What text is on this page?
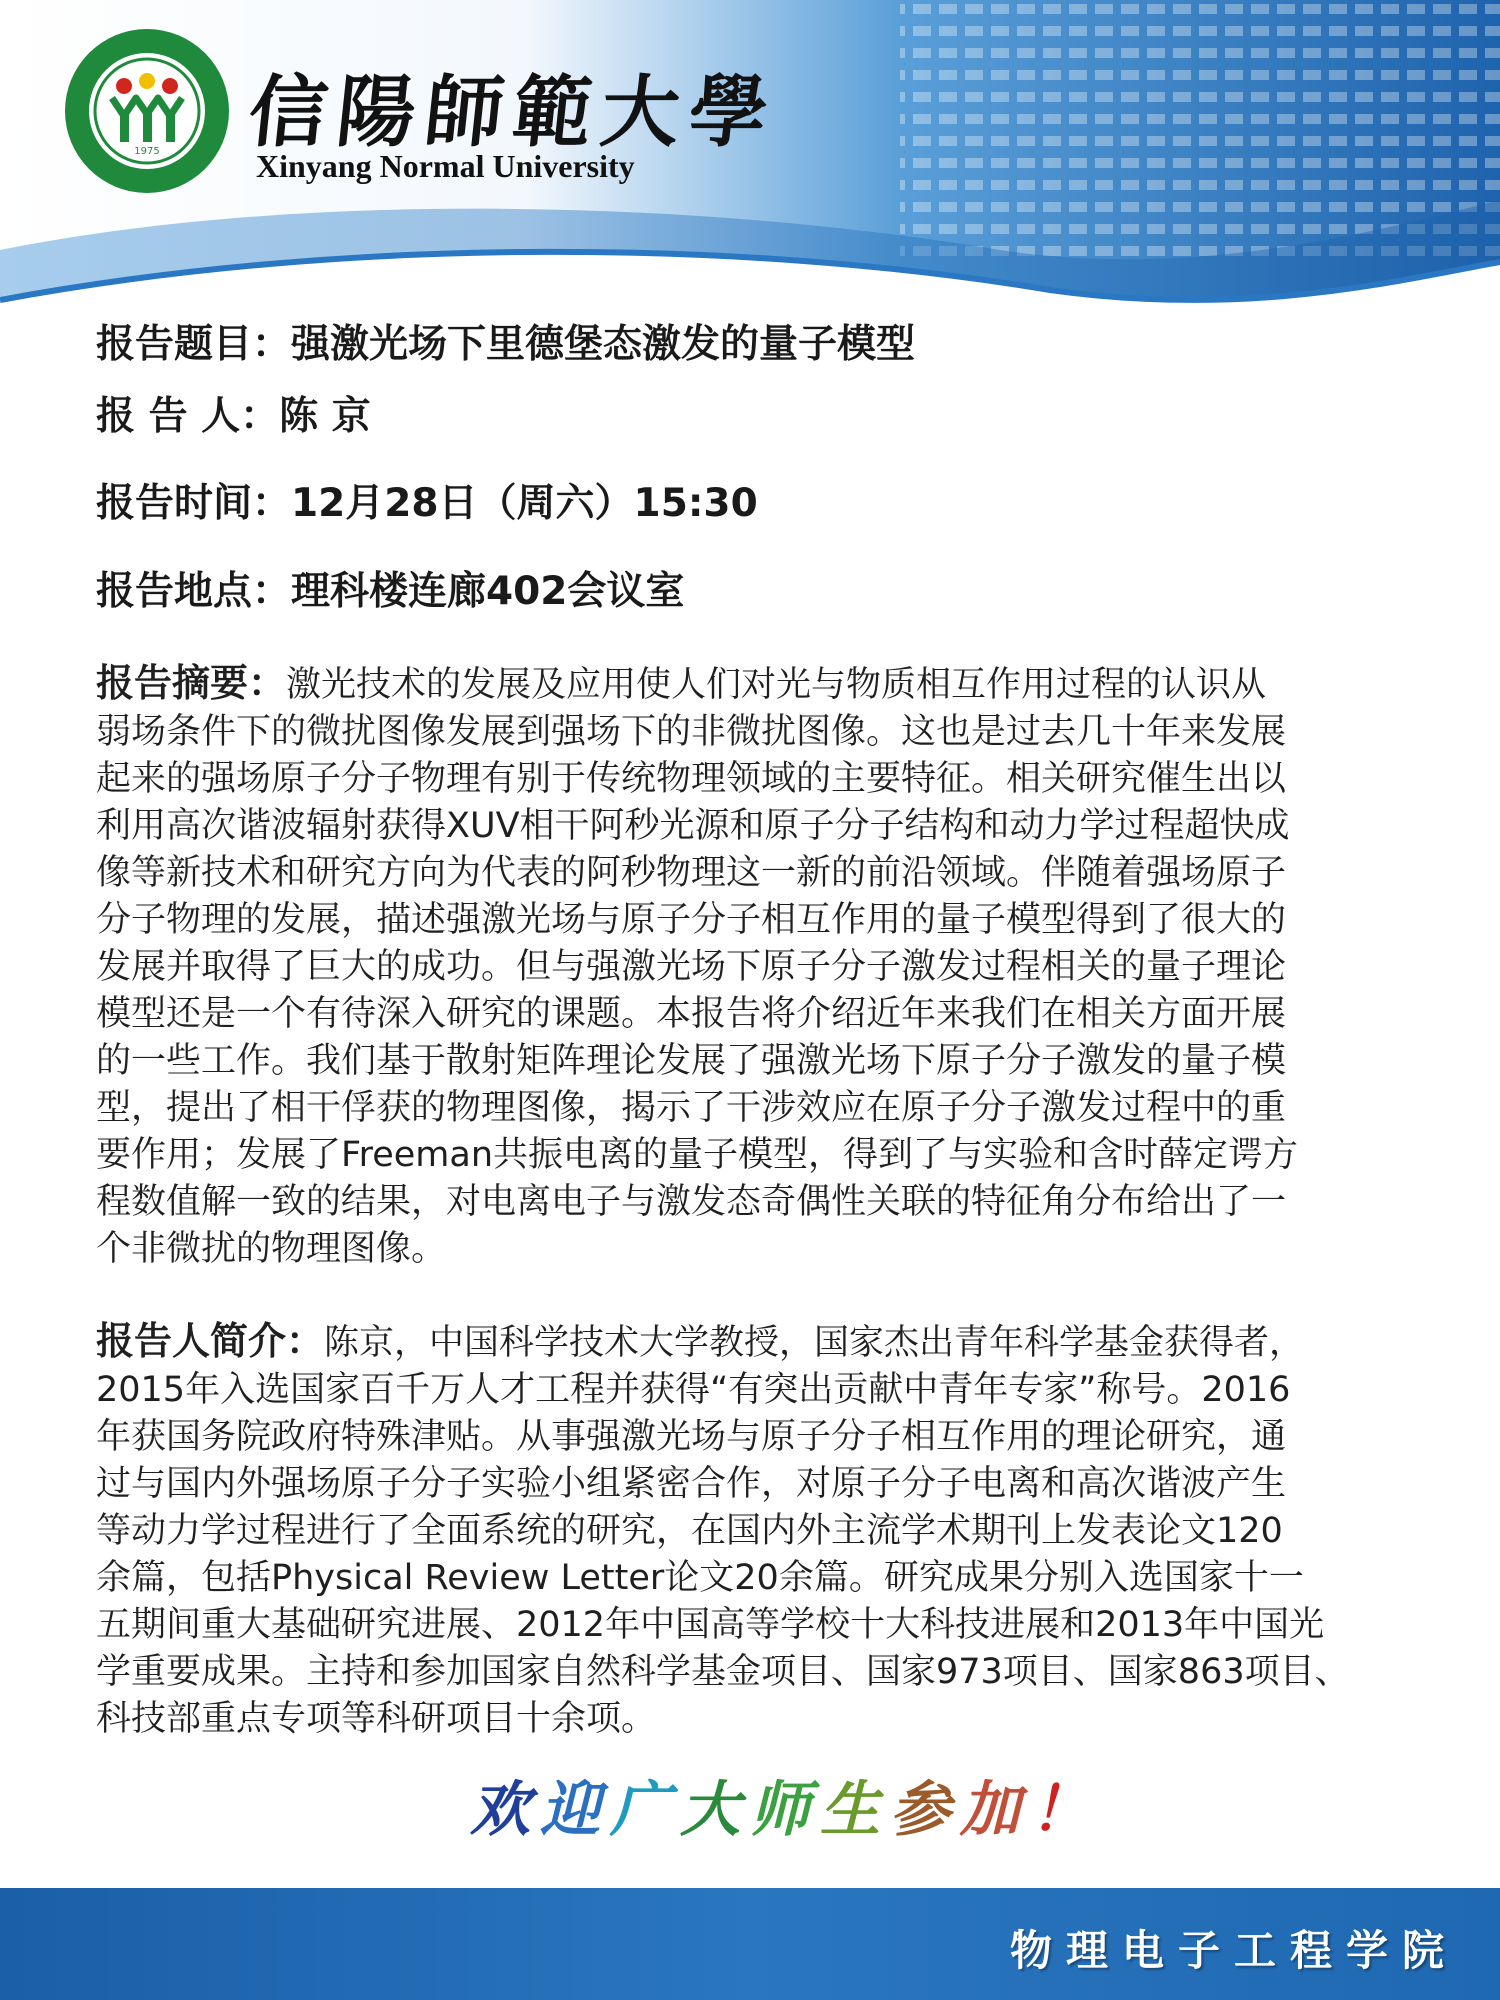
1975 信陽師範大學
Xinyang Normal University
报告题目：强激光场下里德堡态激发的量子模型
报 告 人：陈 京
报告时间：12月28日（周六）15:30
报告地点：理科楼连廊402会议室
报告摘要：激光技术的发展及应用使人们对光与物质相互作用过程的认识从
弱场条件下的微扰图像发展到强场下的非微扰图像。这也是过去几十年来发展
起来的强场原子分子物理有别于传统物理领域的主要特征。相关研究催生出以
利用高次谐波辐射获得XUV相干阿秒光源和原子分子结构和动力学过程超快成
像等新技术和研究方向为代表的阿秒物理这一新的前沿领域。伴随着强场原子
分子物理的发展，描述强激光场与原子分子相互作用的量子模型得到了很大的
发展并取得了巨大的成功。但与强激光场下原子分子激发过程相关的量子理论
模型还是一个有待深入研究的课题。本报告将介绍近年来我们在相关方面开展
的一些工作。我们基于散射矩阵理论发展了强激光场下原子分子激发的量子模
型，提出了相干俘获的物理图像，揭示了干涉效应在原子分子激发过程中的重
要作用；发展了Freeman共振电离的量子模型，得到了与实验和含时薛定谔方
程数值解一致的结果，对电离电子与激发态奇偶性关联的特征角分布给出了一
个非微扰的物理图像。
报告人简介：陈京，中国科学技术大学教授，国家杰出青年科学基金获得者，
2015年入选国家百千万人才工程并获得“有突出贡献中青年专家”称号。2016
年获国务院政府特殊津贴。从事强激光场与原子分子相互作用的理论研究，通
过与国内外强场原子分子实验小组紧密合作，对原子分子电离和高次谐波产生
等动力学过程进行了全面系统的研究，在国内外主流学术期刊上发表论文120
余篇，包括Physical Review Letter论文20余篇。研究成果分别入选国家十一
五期间重大基础研究进展、2012年中国高等学校十大科技进展和2013年中国光
学重要成果。主持和参加国家自然科学基金项目、国家973项目、国家863项目、
科技部重点专项等科研项目十余项。
欢迎广大师生参加！
物理电子工程学院
